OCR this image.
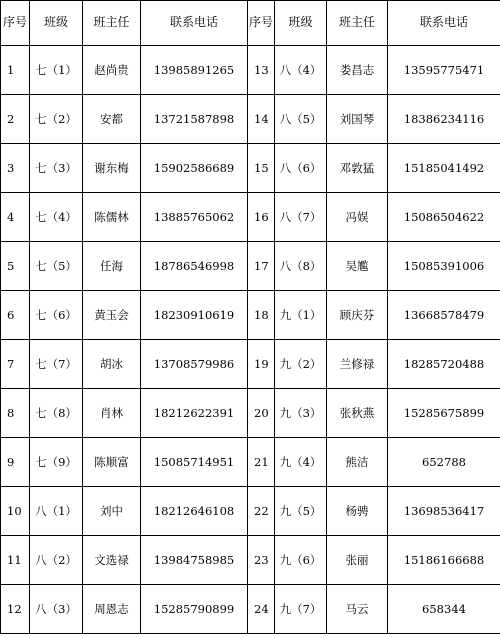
序号	班级	班主任	联系电话	序号	班级	班主任	联系电话
1	七（1）	赵尚贵	13985891265	13	八（4）	娄昌志	13595775471
2	七（2）	安都	13721587898	14	八（5）	刘国琴	18386234116
3	七（3）	谢东梅	15902586689	15	八（6）	邓敦猛	15185041492
4	七（4）	陈儒林	13885765062	16	八（7）	冯娱	15086504622
5	七（5）	任海	18786546998	17	八（8）	吴尷	15085391006
6	七（6）	黄玉会	18230910619	18	九（1）	顾庆芬	13668578479
7	七（7）	胡冰	13708579986	19	九（2）	兰修禄	18285720488
8	七（8）	肖林	18212622391	20	九（3）	张秋燕	15285675899
9	七（9）	陈顺富	15085714951	21	九（4）	熊洁	652788
10	八（1）	刘中	18212646108	22	九（5）	杨骋	13698536417
11	八（2）	文选禄	13984758985	23	九（6）	张丽	15186166688
12	八（3）	周恩志	15285790899	24	九（7）	马云	658344
